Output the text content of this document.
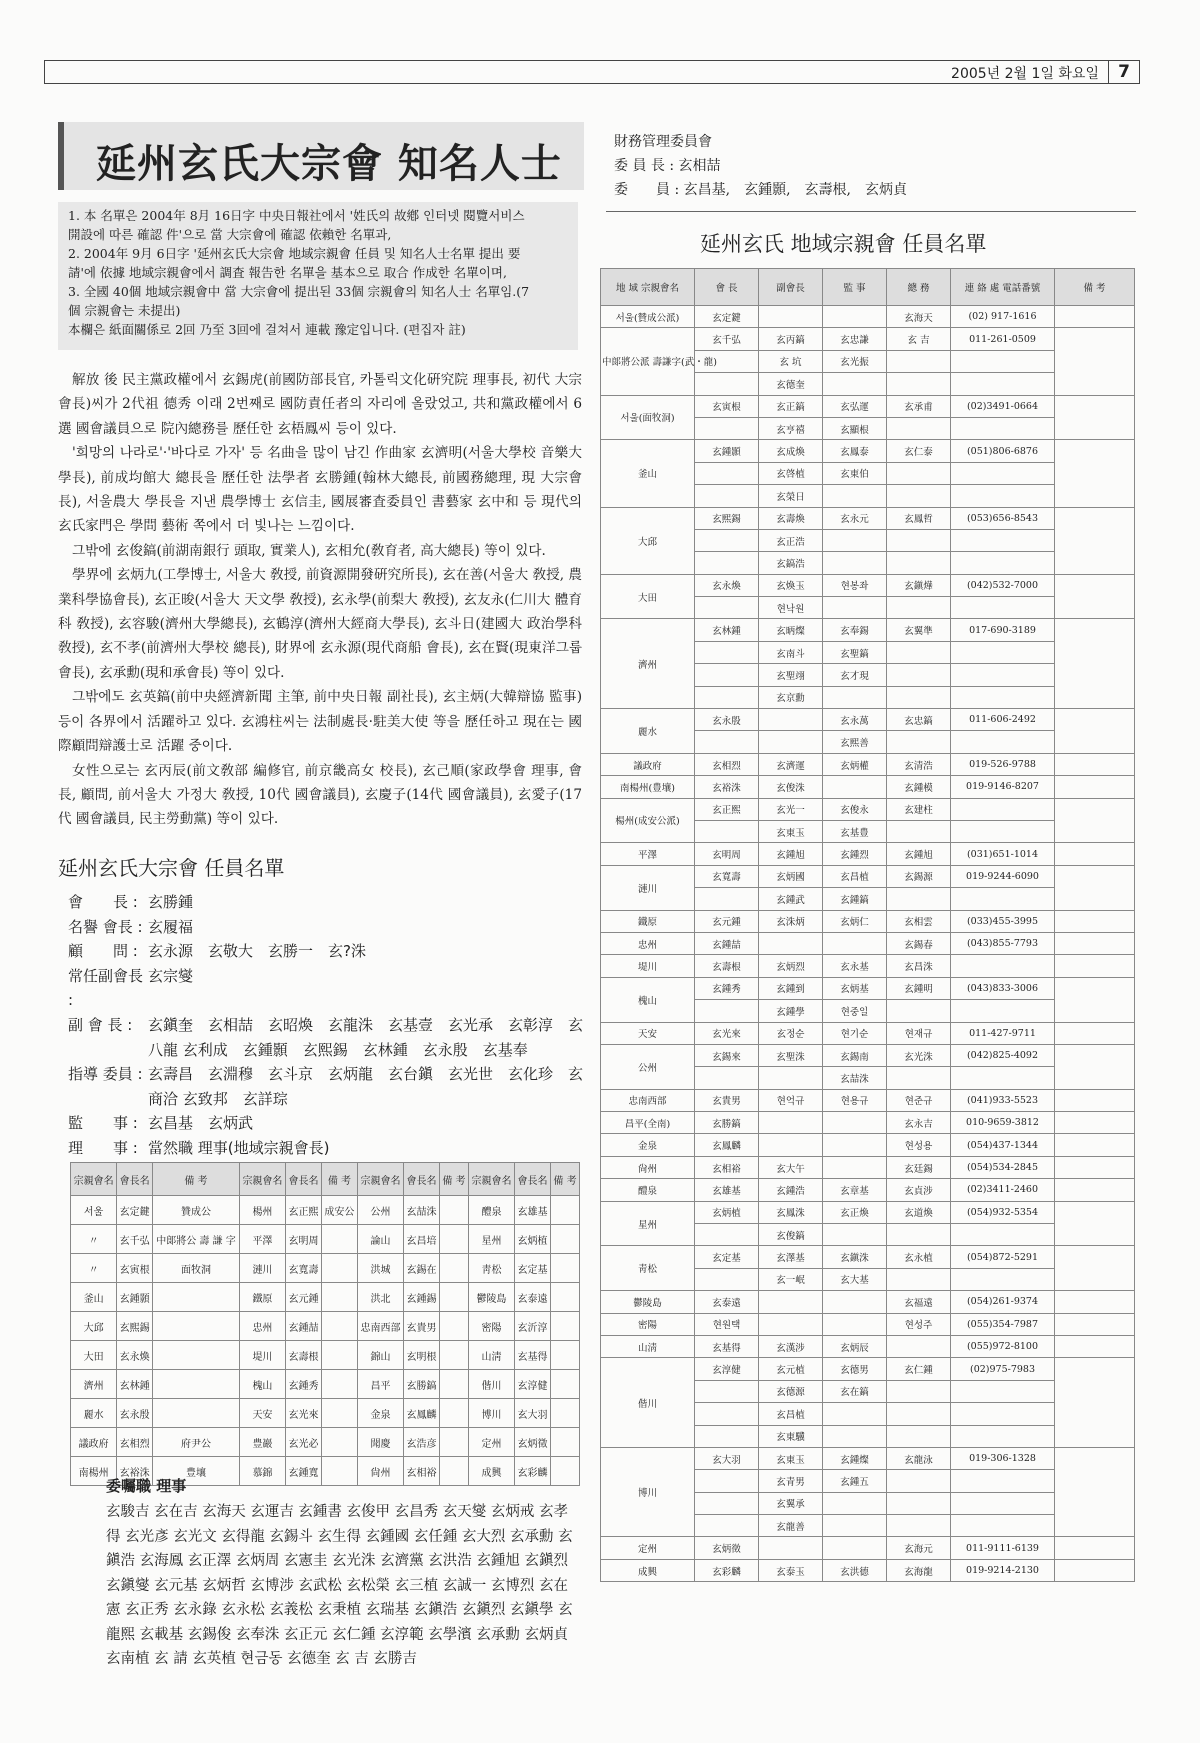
2005년 2월 1일 화요일	7
延州玄氏大宗會 知名人士
1. 本 名單은 2004年 8月 16日字 中央日報社에서 '姓氏의 故鄕 인터넷 閱覽서비스
開設에 따른 確認 件'으로 當 大宗會에 確認 依賴한 名單과,
2. 2004年 9月 6日字 '延州玄氏大宗會 地域宗親會 任員 및 知名人士名單 提出 要
請'에 依據 地域宗親會에서 調査 報告한 名單을 基本으로 取合 作成한 名單이며,
3. 全國 40個 地域宗親會中 當 大宗會에 提出된 33個 宗親會의 知名人士 名單임.(7
個 宗親會는 未提出)
本欄은 紙面關係로 2回 乃至 3回에 걸쳐서 連載 豫定입니다. (편집자 註)

解放 後 民主黨政權에서 玄錫虎(前國防部長官, 카톨릭文化硏究院 理事長, 初代 大宗會長)씨가 2代祖 德秀 이래 2번째로 國防責任者의 자리에 올랐었고, 共和黨政權에서 6選 國會議員으로 院內總務를 歷任한 玄梧鳳씨 등이 있다.

'희망의 나라로'·'바다로 가자' 등 名曲을 많이 남긴 作曲家 玄濟明(서울大學校 音樂大學長), 前成均館大 總長을 歷任한 法學者 玄勝鍾(翰林大總長, 前國務總理, 現 大宗會長), 서울農大 學長을 지낸 農學博士 玄信圭, 國展審査委員인 書藝家 玄中和 등 現代의 玄氏家門은 學問 藝術 쪽에서 더 빛나는 느낌이다.

그밖에 玄俊鎬(前湖南銀行 頭取, 實業人), 玄相允(敎育者, 高大總長) 等이 있다.

學界에 玄炳九(工學博士, 서울大 敎授, 前資源開發硏究所長), 玄在善(서울大 敎授, 農業科學協會長), 玄正晙(서울大 天文學 敎授), 玄永學(前梨大 敎授), 玄友永(仁川大 體育科 敎授), 玄容駿(濟州大學總長), 玄鶴淳(濟州大經商大學長), 玄斗日(建國大 政治學科 敎授), 玄不孝(前濟州大學校 總長), 財界에 玄永源(現代商船 會長), 玄在賢(現東洋그룹 會長), 玄承勳(現和承會長) 等이 있다.

그밖에도 玄英鎬(前中央經濟新聞 主筆, 前中央日報 副社長), 玄主炳(大韓辯協 監事) 등이 各界에서 活躍하고 있다. 玄鴻柱씨는 法制處長·駐美大使 等을 歷任하고 現在는 國際顧問辯護士로 活躍 중이다.

女性으로는 玄丙辰(前文敎部 編修官, 前京畿高女 校長), 玄己順(家政學會 理事, 會長, 顧問, 前서울大 가정大 敎授, 10代 國會議員), 玄慶子(14代 國會議員), 玄愛子(17代 國會議員, 民主勞動黨) 等이 있다.

延州玄氏大宗會 任員名單
會　　長 : 玄勝鍾
名譽 會長 : 玄履福
顧　　問 : 玄永源　玄敬大　玄勝一　玄?洙
常任副會長 :
玄宗燮
副 會 長 :	玄鎭奎　玄相喆　玄昭煥　玄龍洙　玄基壹　玄光承　玄彰淳　玄八龍 玄利成　玄鍾顥　玄熙錫　玄林鍾　玄永殷　玄基奉
指導 委員 : 玄壽昌　玄淵穆　玄斗京　玄炳龍　玄台鎭　玄光世　玄化珍　玄商洽 玄致邦　玄詳琮
監　　事 : 玄昌基　玄炳武
理　　事 : 當然職 理事(地域宗親會長)
宗親會名	會長名	備 考	宗親會名	會長名	備 考	宗親會名	會長名	備 考	宗親會名	會長名	備 考
서울	玄定鍵	贊成公	楊州	玄正熙	成安公	公州	玄喆洙		醴泉	玄雄基	
〃	玄千弘	中郞將公 壽 謙 字	平澤	玄明周		論山	玄昌培		星州	玄炳植	
〃	玄寅根	面牧洞	漣川	玄寬壽		洪城	玄錫在		靑松	玄定基	
釜山	玄鍾顥		鐵原	玄元鍾		洪北	玄鍾錫		鬱陵島	玄泰遠	
大邱	玄熙錫		忠州	玄鍾喆		忠南西部	玄貴男		密陽	玄沂淳	
大田	玄永煥		堤川	玄壽根		錦山	玄明根		山淸	玄基得	
濟州	玄林鍾		槐山	玄鍾秀		昌平	玄勝鎬		偕川	玄淳健	
麗水	玄永殷		天安	玄光來		金泉	玄鳳麟		博川	玄大羽	
議政府	玄相烈	府尹公	豊巖	玄光必		聞慶	玄浩彦		定州	玄炳徵	
南楊州	玄裕洙	豊壤	慕錦	玄鍾寬		尙州	玄相裕		成興	玄彩麟	
委囑職 理事
玄駿吉 玄在吉 玄海天 玄運吉 玄鍾書 玄俊甲 玄昌秀 玄天燮 玄炳戒 玄孝得 玄光彥 玄光文 玄得龍 玄錫斗 玄生得 玄鍾國 玄任鍾 玄大烈 玄承勳 玄鎭浩 玄海鳳 玄正澤 玄炳周 玄憲圭 玄光洙 玄濟黨 玄洪浩 玄鍾旭 玄鎭烈 玄鎭燮 玄元基 玄炳哲 玄博涉 玄武松 玄松榮 玄三植 玄誠一 玄博烈 玄在憲 玄正秀 玄永錄 玄永松 玄義松 玄秉植 玄瑞基 玄鎭浩 玄鎭烈 玄鎭學 玄龍熙 玄載基 玄錫俊 玄奉洙 玄正元 玄仁鍾 玄淳範 玄學濱 玄承勳 玄炳貞 玄南植 玄 請 玄英植 현금동 玄德奎 玄 吉 玄勝吉
財務管理委員會
委 員 長 : 玄相喆
委　　員 : 玄昌基,　玄鍾顥,　玄壽根,　玄炳貞
延州玄氏 地域宗親會 任員名單
地 域 宗親會名	會 長	副會長	監 事	總 務	連 絡 處 電話番號	備 考
서울(贊成公派)	玄定鍵			玄海天	(02) 917-1616	
中郞將公派 壽謙字(武・龍)	玄千弘	玄丙鎬	玄忠謙	玄 吉	011-261-0509	
		玄 坑	玄光振			
		玄德奎				
서울(面牧洞)	玄寅根	玄正鎬	玄弘運	玄承甫	(02)3491-0664	
		玄亨禧	玄顯根			
釜山	玄鍾顥	玄成煥	玄鳳泰	玄仁泰	(051)806-6876	
		玄啓植	玄東伯			
		玄榮日				
大邱	玄熙錫	玄壽煥	玄永元	玄鳳哲	(053)656-8543	
		玄正浩				
		玄鎬浩				
大田	玄永煥	玄煥玉	현봉좌	玄鎭燁	(042)532-7000	
		현낙원				
濟州	玄林鍾	玄昞燦	玄奉錫	玄翼準	017-690-3189	
		玄南斗	玄聖鎬			
		玄聖翊	玄才現			
		玄京勳				
麗水	玄永殷		玄永萬	玄忠鎬	011-606-2492	
			玄熙善			
議政府	玄相烈	玄濟運	玄炳權	玄清浩	019-526-9788	
南楊州(豊壤)	玄裕洙	玄俊洙		玄鍾模	019-9146-8207	
楊州(成安公派)	玄正熙	玄光一	玄俊永	玄建柱		
		玄東玉	玄基豊			
平澤	玄明周	玄鍾旭	玄鍾烈	玄鍾旭	(031)651-1014	
漣川	玄寬壽	玄炳國	玄昌植	玄錫源	019-9244-6090	
		玄鍾武	玄鍾鎬			
鐵原	玄元鍾	玄洙炳	玄炳仁	玄相雲	(033)455-3995	
忠州	玄鍾喆			玄錫春	(043)855-7793	
堤川	玄壽根	玄炳烈	玄永基	玄昌洙		
槐山	玄鍾秀	玄鍾到	玄炳基	玄鍾明	(043)833-3006	
		玄鍾學	현중일			
天安	玄光來	玄정순	현기순	현재규	011-427-9711	
公州	玄錫來	玄聖洙	玄錫南	玄光洙	(042)825-4092	
			玄喆洙			
忠南西部	玄貴男	현억규	현용규	현준규	(041)933-5523	
昌平(全南)	玄勝鎬			玄永吉	010-9659-3812	
金泉	玄鳳麟			현성용	(054)437-1344	
尙州	玄相裕	玄大午		玄廷錫	(054)534-2845	
醴泉	玄雄基	玄鍾浩	玄章基	玄貞涉	(02)3411-2460	
星州	玄炳植	玄鳳洙	玄正煥	玄道煥	(054)932-5354	
		玄俊鎬				
靑松	玄定基	玄澤基	玄鎭洙	玄永植	(054)872-5291	
		玄一岷	玄大基			
鬱陵島	玄泰遠			玄福遠	(054)261-9374	
密陽	현원택			현성주	(055)354-7987	
山淸	玄基得	玄漢涉	玄炳辰		(055)972-8100	
偕川	玄淳健	玄元植	玄德男	玄仁鍾	(02)975-7983	
		玄德源	玄在鎬			
		玄昌植				
		玄東驥				
博川	玄大羽	玄東玉	玄鍾燦	玄龍泳	019-306-1328	
		玄青男	玄鍾五			
		玄翼承				
		玄龍善				
定州	玄炳徵			玄海元	011-9111-6139	
成興	玄彩麟	玄泰玉	玄洪德	玄海龍	019-9214-2130	
